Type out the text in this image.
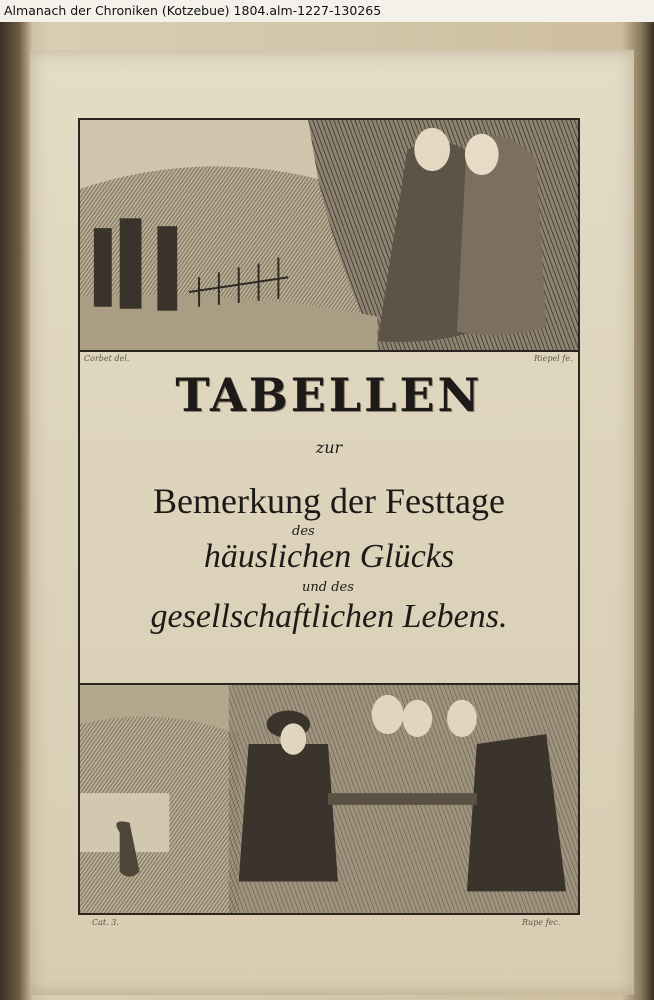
Almanach der Chroniken (Kotzebue) 1804.alm-1227-130265
Corbet del.	Riepel fe.
TABELLEN
zur
Bemerkung der Festtage
des
häuslichen Glücks
und des
gesellschaftlichen Lebens.
Cat. 3.	Rupe fec.
